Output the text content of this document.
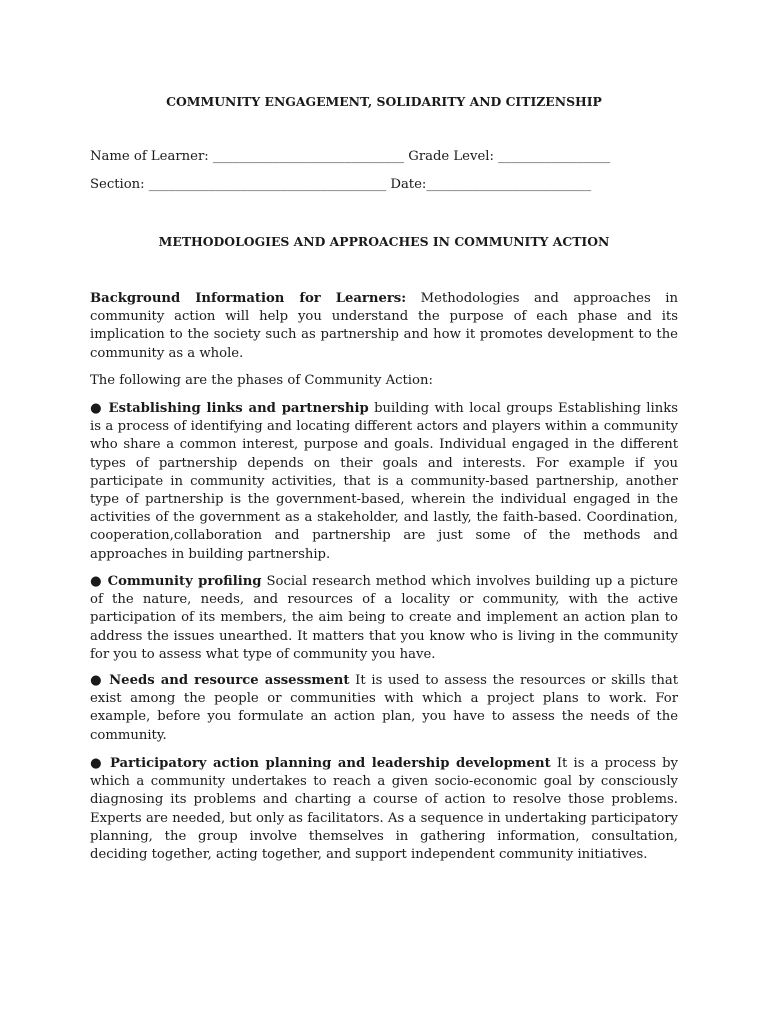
COMMUNITY ENGAGEMENT, SOLIDARITY AND CITIZENSHIP
Name of Learner: _____________________________ Grade Level: _________________
Section: ____________________________________ Date:_________________________
METHODOLOGIES AND APPROACHES IN COMMUNITY ACTION

Background Information for Learners: Methodologies and approaches in community action will help you understand the purpose of each phase and its implication to the society such as partnership and how it promotes development to the community as a whole.

The following are the phases of Community Action:

● Establishing links and partnership building with local groups Establishing links is a process of identifying and locating different actors and players within a community who share a common interest, purpose and goals. Individual engaged in the different types of partnership depends on their goals and interests. For example if you participate in community activities, that is a community-based partnership, another type of partnership is the government-based, wherein the individual engaged in the activities of the government as a stakeholder, and lastly, the faith-based. Coordination, cooperation,collaboration and partnership are just some of the methods and approaches in building partnership.

● Community profiling Social research method which involves building up a picture of the nature, needs, and resources of a locality or community, with the active participation of its members, the aim being to create and implement an action plan to address the issues unearthed. It matters that you know who is living in the community for you to assess what type of community you have.

● Needs and resource assessment It is used to assess the resources or skills that exist among the people or communities with which a project plans to work. For example, before you formulate an action plan, you have to assess the needs of the community.

● Participatory action planning and leadership development It is a process by which a community undertakes to reach a given socio-economic goal by consciously diagnosing its problems and charting a course of action to resolve those problems. Experts are needed, but only as facilitators. As a sequence in undertaking participatory planning, the group involve themselves in gathering information, consultation, deciding together, acting together, and support independent community initiatives.
